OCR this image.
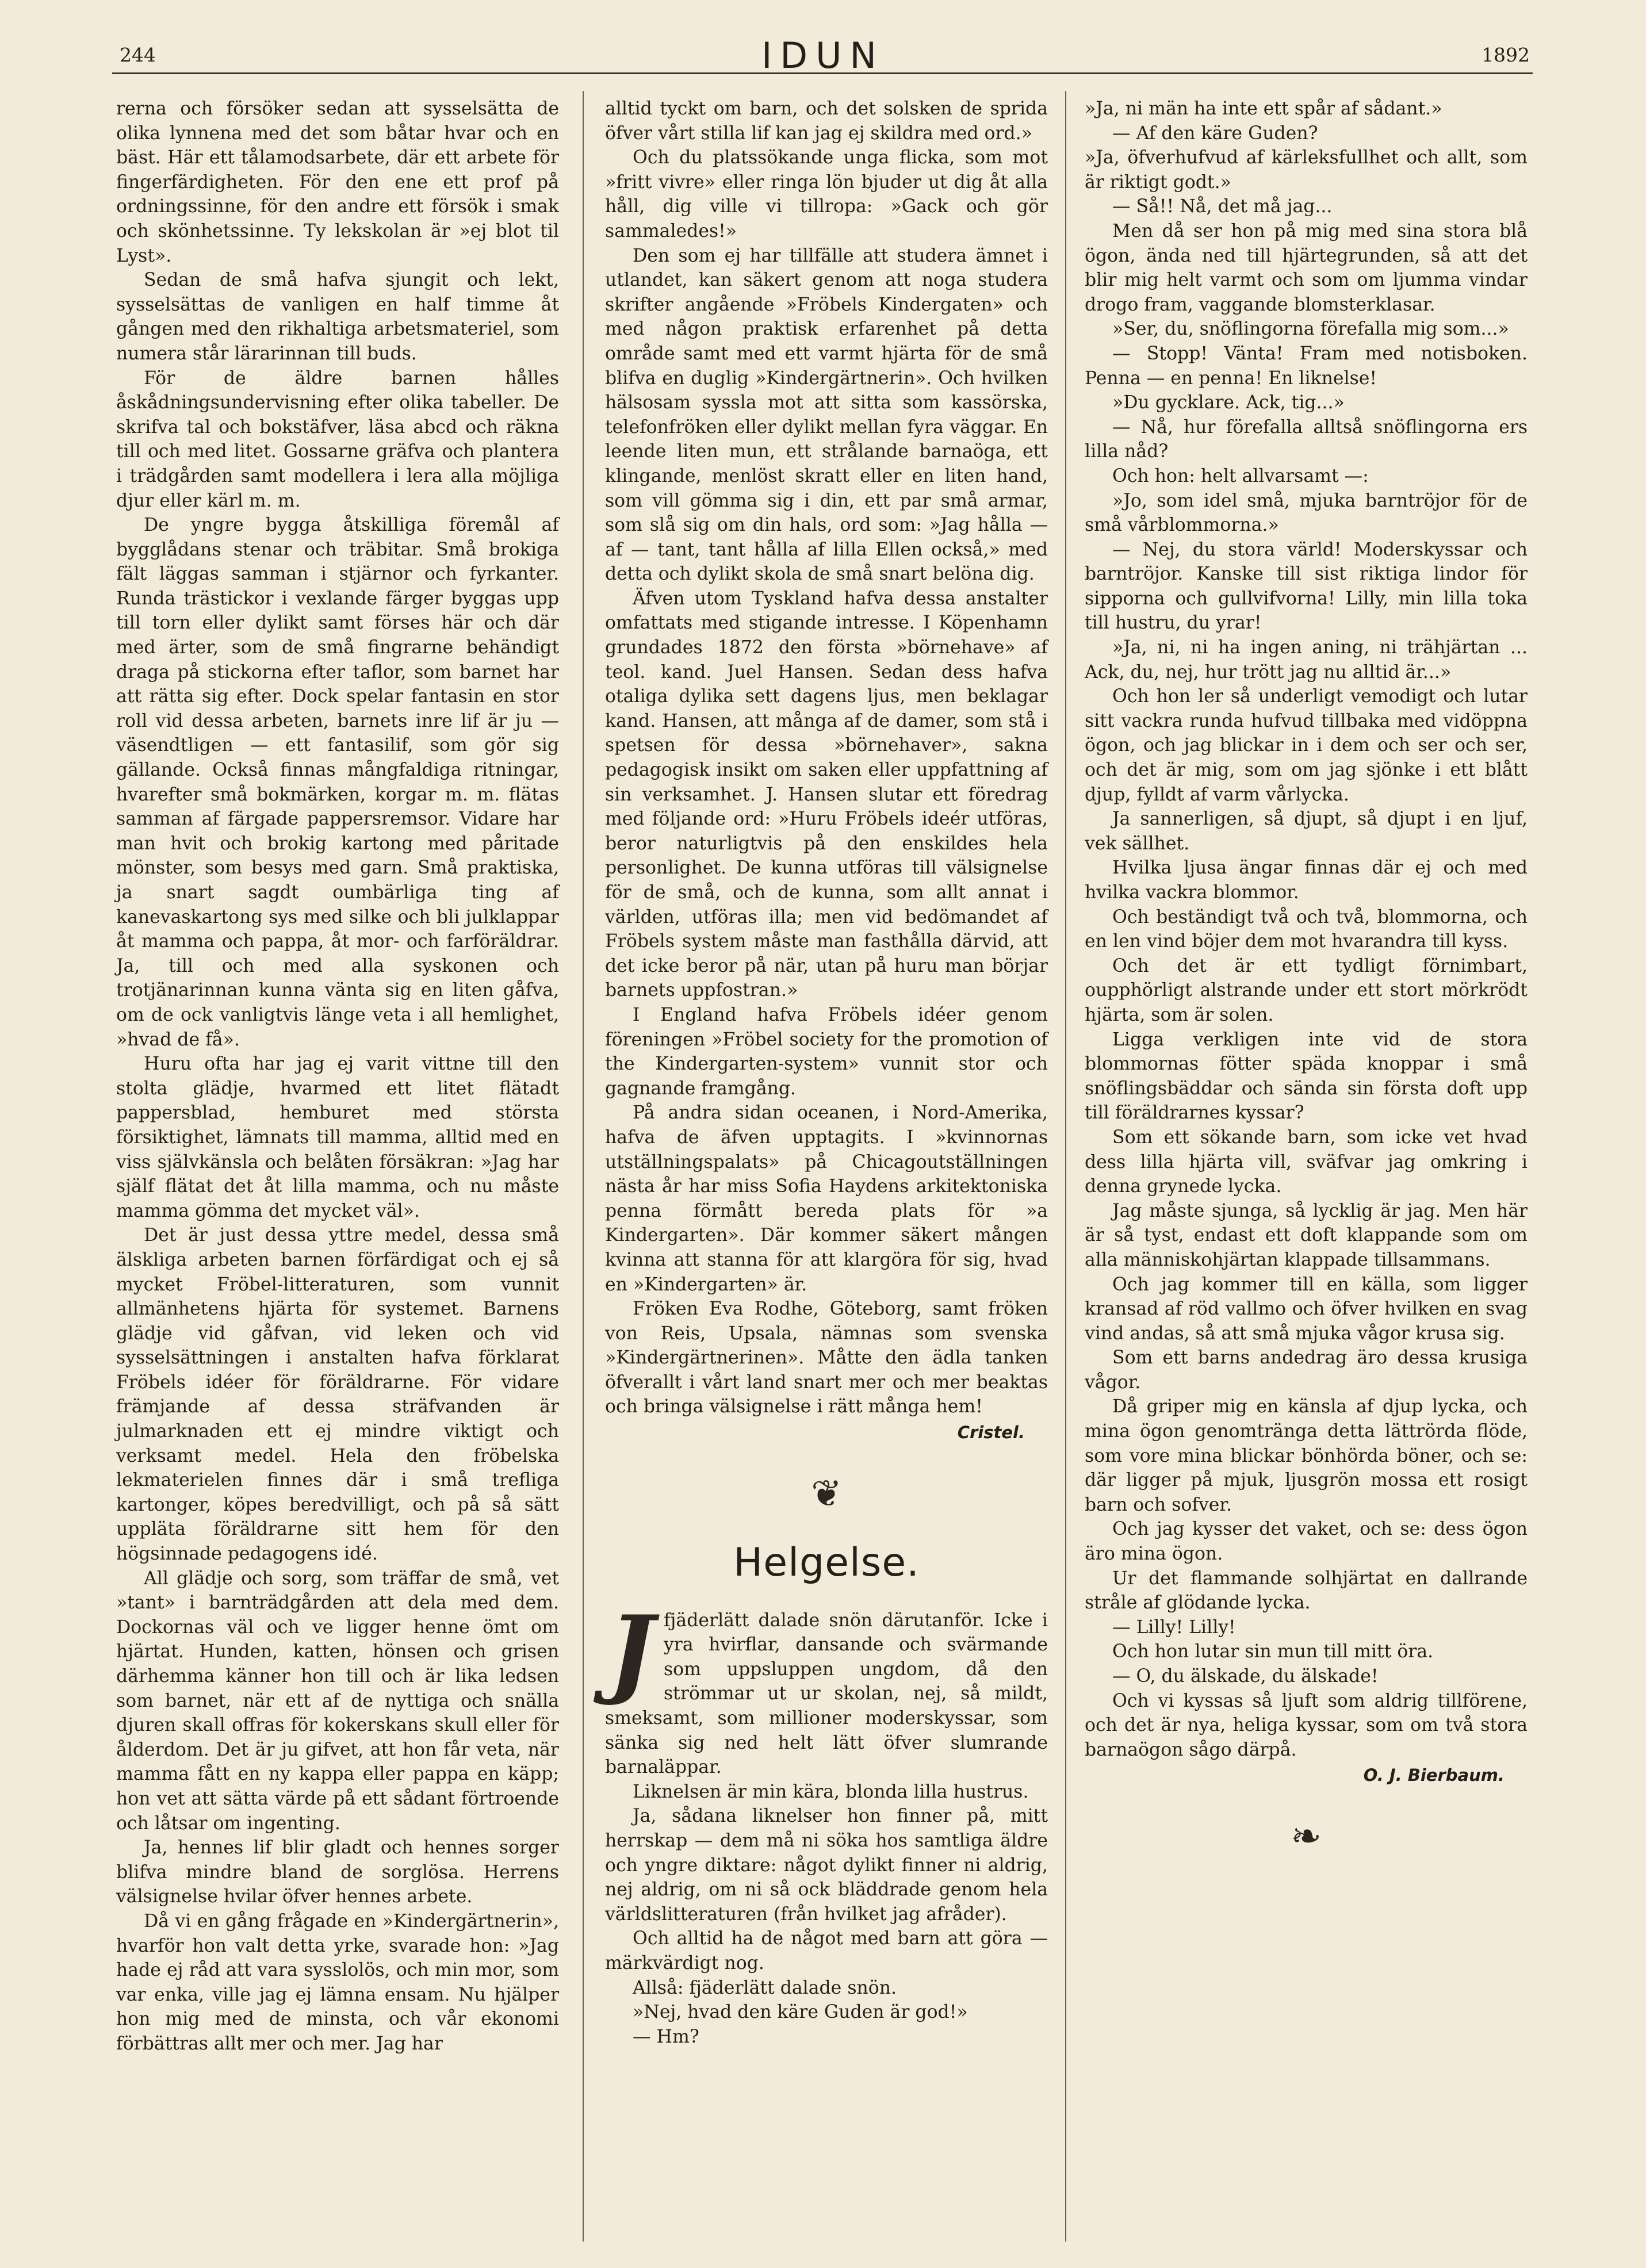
244	IDUN	1892

rerna och försöker sedan att sysselsätta de olika lynnena med det som båtar hvar och en bäst. Här ett tålamodsarbete, där ett arbete för fingerfärdigheten. För den ene ett prof på ordningssinne, för den andre ett försök i smak och skönhetssinne. Ty lekskolan är »ej blot til Lyst».

Sedan de små hafva sjungit och lekt, sysselsättas de vanligen en half timme åt gången med den rikhaltiga arbetsmateriel, som numera står lärarinnan till buds.

För de äldre barnen hålles åskådningsundervisning efter olika tabeller. De skrifva tal och bokstäfver, läsa abcd och räkna till och med litet. Gossarne gräfva och plantera i trädgården samt modellera i lera alla möjliga djur eller kärl m. m.

De yngre bygga åtskilliga föremål af bygglådans stenar och träbitar. Små brokiga fält läggas samman i stjärnor och fyrkanter. Runda trästickor i vexlande färger byggas upp till torn eller dylikt samt förses här och där med ärter, som de små fingrarne behändigt draga på stickorna efter taflor, som barnet har att rätta sig efter. Dock spelar fantasin en stor roll vid dessa arbeten, barnets inre lif är ju — väsendtligen — ett fantasilif, som gör sig gällande. Också finnas mångfaldiga ritningar, hvarefter små bokmärken, korgar m. m. flätas samman af färgade pappersremsor. Vidare har man hvit och brokig kartong med påritade mönster, som besys med garn. Små praktiska, ja snart sagdt oumbärliga ting af kanevaskartong sys med silke och bli julklappar åt mamma och pappa, åt mor- och farföräldrar. Ja, till och med alla syskonen och trotjänarinnan kunna vänta sig en liten gåfva, om de ock vanligtvis länge veta i all hemlighet, »hvad de få».

Huru ofta har jag ej varit vittne till den stolta glädje, hvarmed ett litet flätadt pappersblad, hemburet med största försiktighet, lämnats till mamma, alltid med en viss självkänsla och belåten försäkran: »Jag har själf flätat det åt lilla mamma, och nu måste mamma gömma det mycket väl».

Det är just dessa yttre medel, dessa små älskliga arbeten barnen förfärdigat och ej så mycket Fröbel-litteraturen, som vunnit allmänhetens hjärta för systemet. Barnens glädje vid gåfvan, vid leken och vid sysselsättningen i anstalten hafva förklarat Fröbels idéer för föräldrarne. För vidare främjande af dessa sträfvanden är julmarknaden ett ej mindre viktigt och verksamt medel. Hela den fröbelska lekmaterielen finnes där i små trefliga kartonger, köpes beredvilligt, och på så sätt uppläta föräldrarne sitt hem för den högsinnade pedagogens idé.

All glädje och sorg, som träffar de små, vet »tant» i barnträdgården att dela med dem. Dockornas väl och ve ligger henne ömt om hjärtat. Hunden, katten, hönsen och grisen därhemma känner hon till och är lika ledsen som barnet, när ett af de nyttiga och snälla djuren skall offras för kokerskans skull eller för ålderdom. Det är ju gifvet, att hon får veta, när mamma fått en ny kappa eller pappa en käpp; hon vet att sätta värde på ett sådant förtroende och låtsar om ingenting.

Ja, hennes lif blir gladt och hennes sorger blifva mindre bland de sorglösa. Herrens välsignelse hvilar öfver hennes arbete.

Då vi en gång frågade en »Kindergärtnerin», hvarför hon valt detta yrke, svarade hon: »Jag hade ej råd att vara sysslolös, och min mor, som var enka, ville jag ej lämna ensam. Nu hjälper hon mig med de minsta, och vår ekonomi förbättras allt mer och mer. Jag har

alltid tyckt om barn, och det solsken de sprida öfver vårt stilla lif kan jag ej skildra med ord.»

Och du platssökande unga flicka, som mot »fritt vivre» eller ringa lön bjuder ut dig åt alla håll, dig ville vi tillropa: »Gack och gör sammaledes!»

Den som ej har tillfälle att studera ämnet i utlandet, kan säkert genom att noga studera skrifter angående »Fröbels Kindergaten» och med någon praktisk erfarenhet på detta område samt med ett varmt hjärta för de små blifva en duglig »Kindergärtnerin». Och hvilken hälsosam syssla mot att sitta som kassörska, telefonfröken eller dylikt mellan fyra väggar. En leende liten mun, ett strålande barnaöga, ett klingande, menlöst skratt eller en liten hand, som vill gömma sig i din, ett par små armar, som slå sig om din hals, ord som: »Jag hålla — af — tant, tant hålla af lilla Ellen också,» med detta och dylikt skola de små snart belöna dig.

Äfven utom Tyskland hafva dessa anstalter omfattats med stigande intresse. I Köpenhamn grundades 1872 den första »börnehave» af teol. kand. Juel Hansen. Sedan dess hafva otaliga dylika sett dagens ljus, men beklagar kand. Hansen, att många af de damer, som stå i spetsen för dessa »börnehaver», sakna pedagogisk insikt om saken eller uppfattning af sin verksamhet. J. Hansen slutar ett föredrag med följande ord: »Huru Fröbels ideér utföras, beror naturligtvis på den enskildes hela personlighet. De kunna utföras till välsignelse för de små, och de kunna, som allt annat i världen, utföras illa; men vid bedömandet af Fröbels system måste man fasthålla därvid, att det icke beror på när, utan på huru man börjar barnets uppfostran.»

I England hafva Fröbels idéer genom föreningen »Fröbel society for the promotion of the Kindergarten-system» vunnit stor och gagnande framgång.

På andra sidan oceanen, i Nord-Amerika, hafva de äfven upptagits. I »kvinnornas utställningspalats» på Chicagoutställningen nästa år har miss Sofia Haydens arkitektoniska penna förmått bereda plats för »a Kindergarten». Där kommer säkert mången kvinna att stanna för att klargöra för sig, hvad en »Kindergarten» är.

Fröken Eva Rodhe, Göteborg, samt fröken von Reis, Upsala, nämnas som svenska »Kindergärtnerinen». Måtte den ädla tanken öfverallt i vårt land snart mer och mer beaktas och bringa välsignelse i rätt många hem!

Cristel.

❦
Helgelse.
J fjäderlätt dalade snön därutanför. Icke i yra hvirflar, dansande och svärmande som uppsluppen ungdom, då den strömmar ut ur skolan, nej, så mildt, smeksamt, som millioner moderskyssar, som sänka sig ned helt lätt öfver slumrande barnaläppar.

Liknelsen är min kära, blonda lilla hustrus.

Ja, sådana liknelser hon finner på, mitt herrskap — dem må ni söka hos samtliga äldre och yngre diktare: något dylikt finner ni aldrig, nej aldrig, om ni så ock bläddrade genom hela världslitteraturen (från hvilket jag afråder).

Och alltid ha de något med barn att göra — märkvärdigt nog.

Allså: fjäderlätt dalade snön.

»Nej, hvad den käre Guden är god!»

— Hm?

»Ja, ni män ha inte ett spår af sådant.»

— Af den käre Guden?

»Ja, öfverhufvud af kärleksfullhet och allt, som är riktigt godt.»

— Så!! Nå, det må jag...

Men då ser hon på mig med sina stora blå ögon, ända ned till hjärtegrunden, så att det blir mig helt varmt och som om ljumma vindar drogo fram, vaggande blomsterklasar.

»Ser, du, snöflingorna förefalla mig som...»

— Stopp! Vänta! Fram med notisboken. Penna — en penna! En liknelse!

»Du gycklare. Ack, tig...»

— Nå, hur förefalla alltså snöflingorna ers lilla nåd?

Och hon: helt allvarsamt —:

»Jo, som idel små, mjuka barntröjor för de små vårblommorna.»

— Nej, du stora värld! Moderskyssar och barntröjor. Kanske till sist riktiga lindor för sipporna och gullvifvorna! Lilly, min lilla toka till hustru, du yrar!

»Ja, ni, ni ha ingen aning, ni trähjärtan ... Ack, du, nej, hur trött jag nu alltid är...»

Och hon ler så underligt vemodigt och lutar sitt vackra runda hufvud tillbaka med vidöppna ögon, och jag blickar in i dem och ser och ser, och det är mig, som om jag sjönke i ett blått djup, fylldt af varm vårlycka.

Ja sannerligen, så djupt, så djupt i en ljuf, vek sällhet.

Hvilka ljusa ängar finnas där ej och med hvilka vackra blommor.

Och beständigt två och två, blommorna, och en len vind böjer dem mot hvarandra till kyss.

Och det är ett tydligt förnimbart, oupphörligt alstrande under ett stort mörkrödt hjärta, som är solen.

Ligga verkligen inte vid de stora blommornas fötter späda knoppar i små snöflingsbäddar och sända sin första doft upp till föräldrarnes kyssar?

Som ett sökande barn, som icke vet hvad dess lilla hjärta vill, sväfvar jag omkring i denna grynede lycka.

Jag måste sjunga, så lycklig är jag. Men här är så tyst, endast ett doft klappande som om alla människohjärtan klappade tillsammans.

Och jag kommer till en källa, som ligger kransad af röd vallmo och öfver hvilken en svag vind andas, så att små mjuka vågor krusa sig.

Som ett barns andedrag äro dessa krusiga vågor.

Då griper mig en känsla af djup lycka, och mina ögon genomtränga detta lättrörda flöde, som vore mina blickar bönhörda böner, och se: där ligger på mjuk, ljusgrön mossa ett rosigt barn och sofver.

Och jag kysser det vaket, och se: dess ögon äro mina ögon.

Ur det flammande solhjärtat en dallrande stråle af glödande lycka.

— Lilly! Lilly!

Och hon lutar sin mun till mitt öra.

— O, du älskade, du älskade!

Och vi kyssas så ljuft som aldrig tillförene, och det är nya, heliga kyssar, som om två stora barnaögon sågo därpå.

O. J. Bierbaum.

❧
